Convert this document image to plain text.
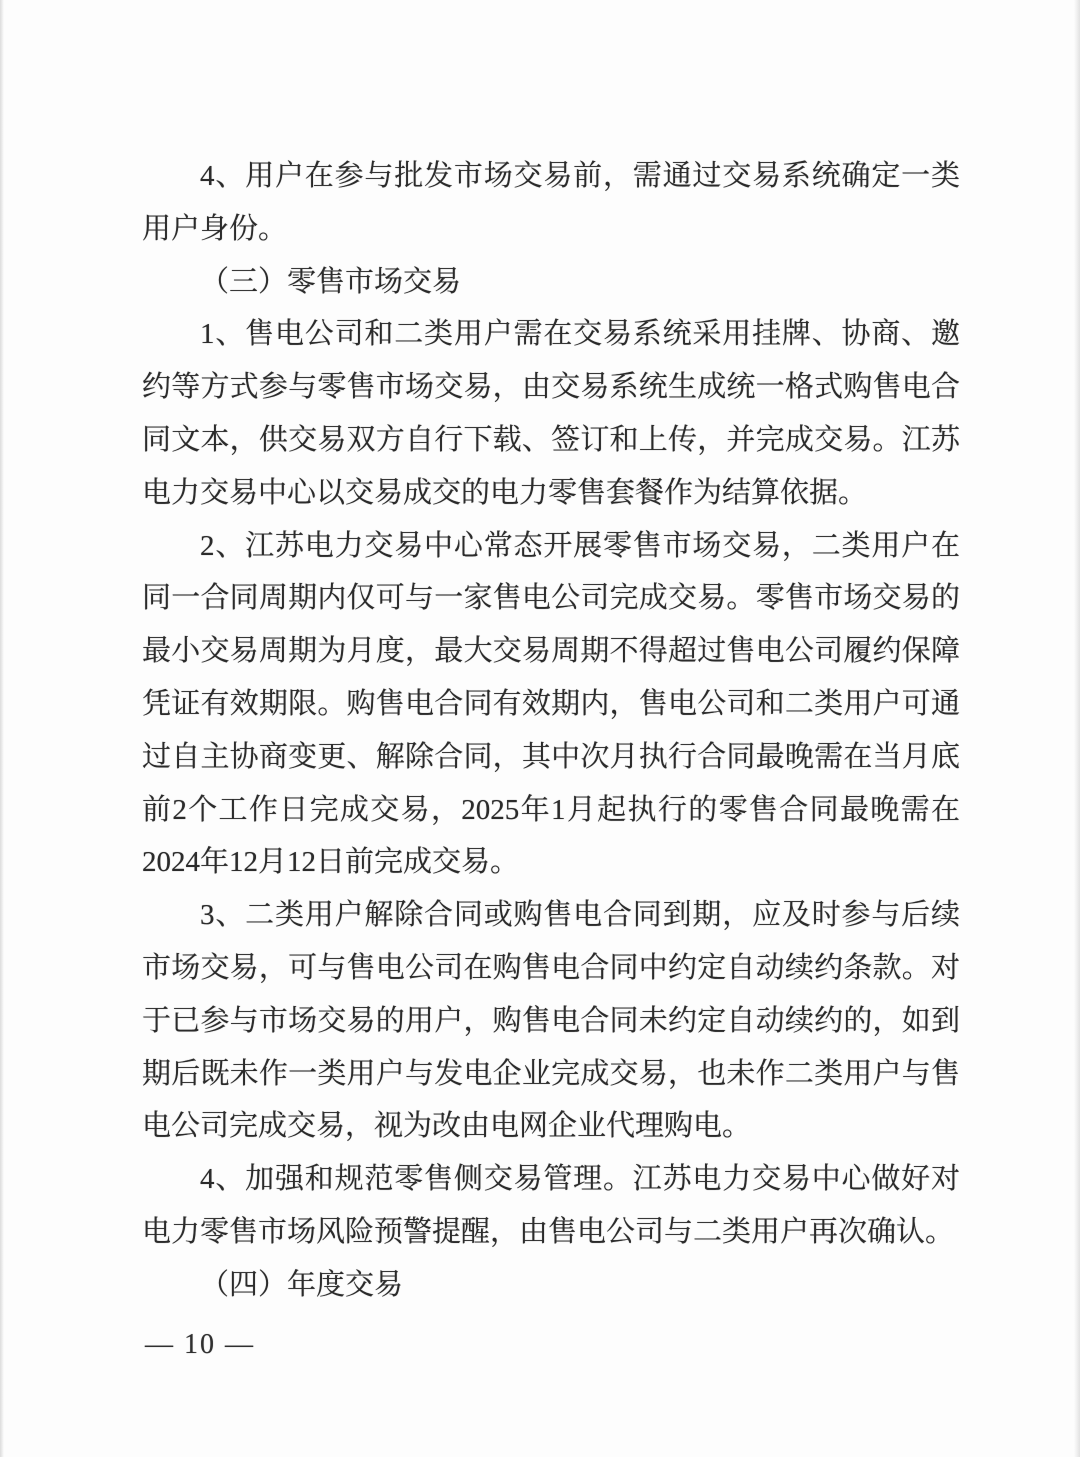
4、用户在参与批发市场交易前，需通过交易系统确定一类用户身份。

（三）零售市场交易

1、售电公司和二类用户需在交易系统采用挂牌、协商、邀约等方式参与零售市场交易，由交易系统生成统一格式购售电合同文本，供交易双方自行下载、签订和上传，并完成交易。江苏电力交易中心以交易成交的电力零售套餐作为结算依据。

2、江苏电力交易中心常态开展零售市场交易，二类用户在同一合同周期内仅可与一家售电公司完成交易。零售市场交易的最小交易周期为月度，最大交易周期不得超过售电公司履约保障凭证有效期限。购售电合同有效期内，售电公司和二类用户可通过自主协商变更、解除合同，其中次月执行合同最晚需在当月底前2个工作日完成交易，2025年1月起执行的零售合同最晚需在2024年12月12日前完成交易。

3、二类用户解除合同或购售电合同到期，应及时参与后续市场交易，可与售电公司在购售电合同中约定自动续约条款。对于已参与市场交易的用户，购售电合同未约定自动续约的，如到期后既未作一类用户与发电企业完成交易，也未作二类用户与售电公司完成交易，视为改由电网企业代理购电。

4、加强和规范零售侧交易管理。江苏电力交易中心做好对电力零售市场风险预警提醒，由售电公司与二类用户再次确认。

（四）年度交易

— 10 —
